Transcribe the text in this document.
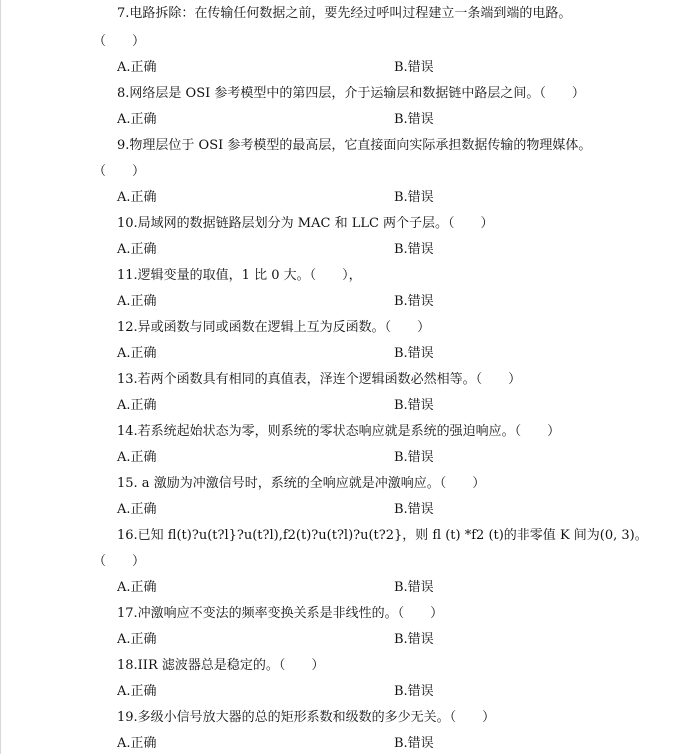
7.电路拆除：在传输任何数据之前，要先经过呼叫过程建立一条端到端的电路。
（　　）
A.正确	B.错误
8.网络层是 OSI 参考模型中的第四层，介于运输层和数据链中路层之间。（　　）
A.正确	B.错误
9.物理层位于 OSI 参考模型的最高层，它直接面向实际承担数据传输的物理媒体。
（　　）
A.正确	B.错误
10.局域网的数据链路层划分为 MAC 和 LLC 两个子层。（　　）
A.正确	B.错误
11.逻辑变量的取值，1 比 0 大。（　　），
A.正确	B.错误
12.异或函数与同或函数在逻辑上互为反函数。（　　）
A.正确	B.错误
13.若两个函数具有相同的真值表，泽连个逻辑函数必然相等。（　　）
A.正确	B.错误
14.若系统起始状态为零，则系统的零状态响应就是系统的强迫响应。（　　）
A.正确	B.错误
15. a 激励为冲激信号时，系统的全响应就是冲激响应。（　　）
A.正确	B.错误
16.已知 fl(t)?u(t?l}?u(t?l),f2(t)?u(t?l)?u(t?2}，则 fl (t) *f2 (t)的非零值 K 间为(0, 3)。
（　　）
A.正确	B.错误
17.冲激响应不变法的频率变换关系是非线性的。（　　）
A.正确	B.错误
18.IIR 滤波器总是稳定的。（　　）
A.正确	B.错误
19.多级小信号放大器的总的矩形系数和级数的多少无关。（　　）
A.正确	B.错误
